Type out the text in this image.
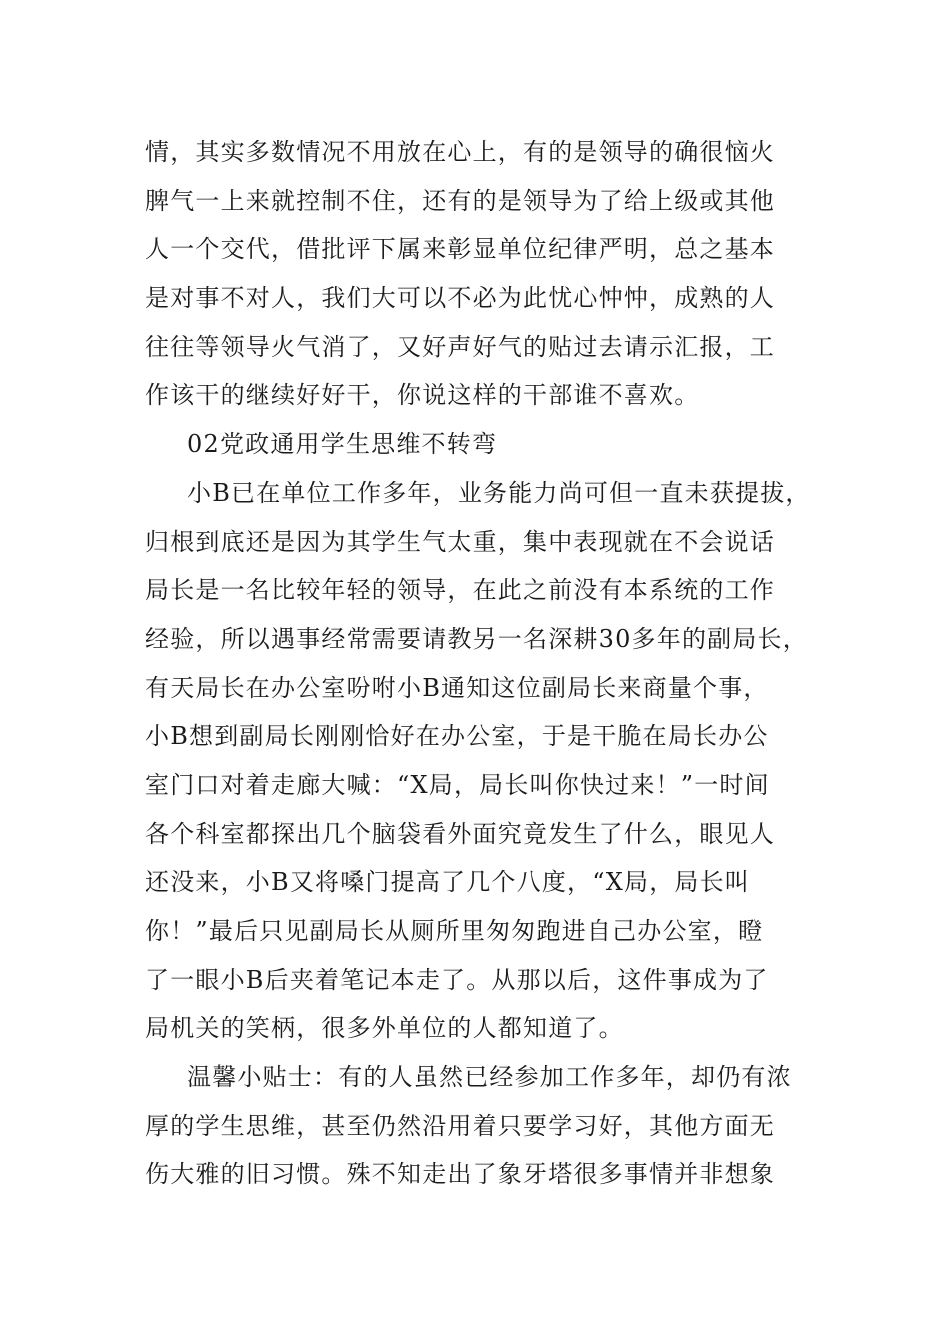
情，其实多数情况不用放在心上，有的是领导的确很恼火
脾气一上来就控制不住，还有的是领导为了给上级或其他
人一个交代，借批评下属来彰显单位纪律严明，总之基本
是对事不对人，我们大可以不必为此忧心忡忡，成熟的人
往往等领导火气消了，又好声好气的贴过去请示汇报，工
作该干的继续好好干，你说这样的干部谁不喜欢。
02党政通用学生思维不转弯
小B已在单位工作多年，业务能力尚可但一直未获提拔，
归根到底还是因为其学生气太重，集中表现就在不会说话
局长是一名比较年轻的领导，在此之前没有本系统的工作
经验，所以遇事经常需要请教另一名深耕30多年的副局长，
有天局长在办公室吩咐小B通知这位副局长来商量个事，
小B想到副局长刚刚恰好在办公室，于是干脆在局长办公
室门口对着走廊大喊：“X局，局长叫你快过来！”一时间
各个科室都探出几个脑袋看外面究竟发生了什么，眼见人
还没来，小B又将嗓门提高了几个八度，“X局，局长叫
你！”最后只见副局长从厕所里匆匆跑进自己办公室，瞪
了一眼小B后夹着笔记本走了。从那以后，这件事成为了
局机关的笑柄，很多外单位的人都知道了。
温馨小贴士：有的人虽然已经参加工作多年，却仍有浓
厚的学生思维，甚至仍然沿用着只要学习好，其他方面无
伤大雅的旧习惯。殊不知走出了象牙塔很多事情并非想象
